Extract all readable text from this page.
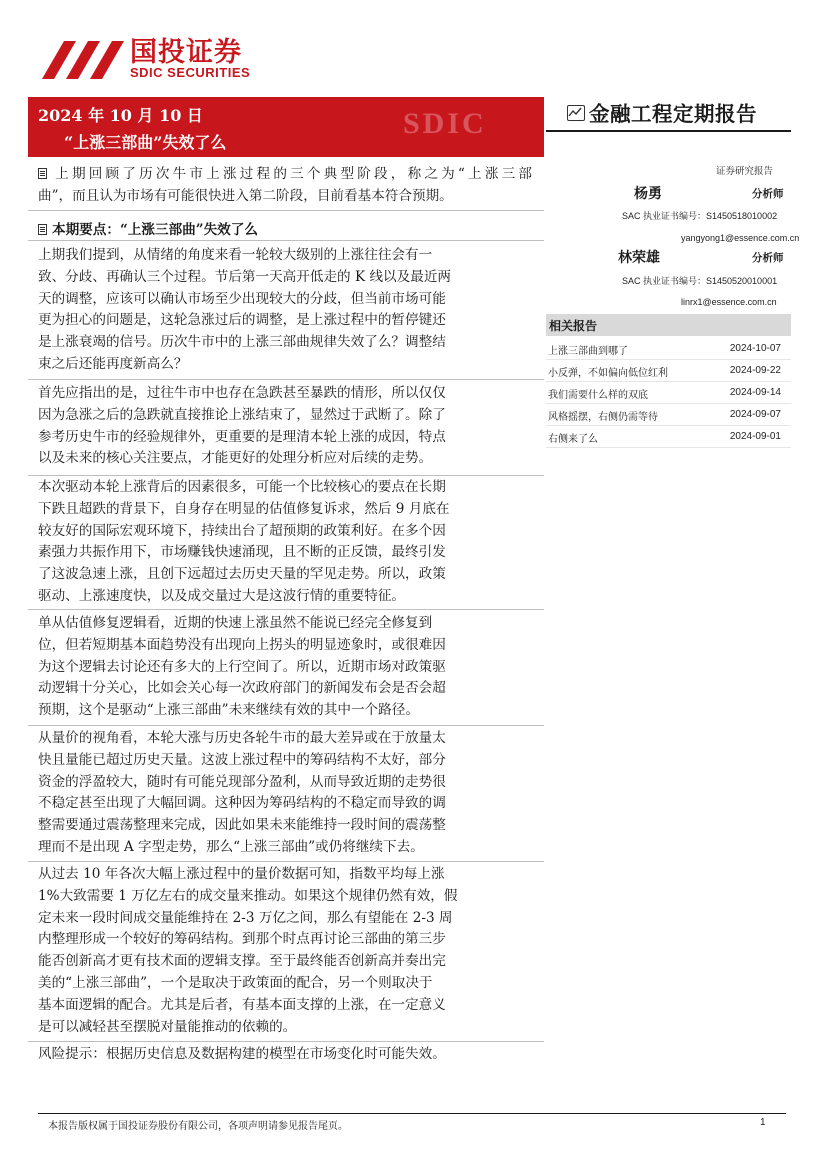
国投证券
SDIC SECURITIES
SDIC
2024 年 10 月 10 日
“上涨三部曲”失效了么
金融工程定期报告
证券研究报告
杨勇	分析师
SAC 执业证书编号：S1450518010002
yangyong1@essence.com.cn
林荣雄	分析师
SAC 执业证书编号：S1450520010001
linrx1@essence.com.cn
相关报告
上涨三部曲到哪了	2024-10-07
小反弹，不如偏向低位红利	2024-09-22
我们需要什么样的双底	2024-09-14
风格摇摆，右侧仍需等待	2024-09-07
右侧来了么	2024-09-01
上期回顾了历次牛市上涨过程的三个典型阶段，称之为“上涨三部
曲”，而且认为市场有可能很快进入第二阶段，目前看基本符合预期。
本期要点：“上涨三部曲”失效了么
上期我们提到，从情绪的角度来看一轮较大级别的上涨往往会有一
致、分歧、再确认三个过程。节后第一天高开低走的 K 线以及最近两
天的调整，应该可以确认市场至少出现较大的分歧，但当前市场可能
更为担心的问题是，这轮急涨过后的调整，是上涨过程中的暂停键还
是上涨衰竭的信号。历次牛市中的上涨三部曲规律失效了么？调整结
束之后还能再度新高么？
首先应指出的是，过往牛市中也存在急跌甚至暴跌的情形，所以仅仅
因为急涨之后的急跌就直接推论上涨结束了，显然过于武断了。除了
参考历史牛市的经验规律外，更重要的是理清本轮上涨的成因，特点
以及未来的核心关注要点，才能更好的处理分析应对后续的走势。
本次驱动本轮上涨背后的因素很多，可能一个比较核心的要点在长期
下跌且超跌的背景下，自身存在明显的估值修复诉求，然后 9 月底在
较友好的国际宏观环境下，持续出台了超预期的政策利好。在多个因
素强力共振作用下，市场赚钱快速涌现，且不断的正反馈，最终引发
了这波急速上涨，且创下远超过去历史天量的罕见走势。所以，政策
驱动、上涨速度快，以及成交量过大是这波行情的重要特征。
单从估值修复逻辑看，近期的快速上涨虽然不能说已经完全修复到
位，但若短期基本面趋势没有出现向上拐头的明显迹象时，或很难因
为这个逻辑去讨论还有多大的上行空间了。所以，近期市场对政策驱
动逻辑十分关心，比如会关心每一次政府部门的新闻发布会是否会超
预期，这个是驱动“上涨三部曲”未来继续有效的其中一个路径。
从量价的视角看，本轮大涨与历史各轮牛市的最大差异或在于放量太
快且量能已超过历史天量。这波上涨过程中的筹码结构不太好，部分
资金的浮盈较大，随时有可能兑现部分盈利，从而导致近期的走势很
不稳定甚至出现了大幅回调。这种因为筹码结构的不稳定而导致的调
整需要通过震荡整理来完成，因此如果未来能维持一段时间的震荡整
理而不是出现 A 字型走势，那么“上涨三部曲”或仍将继续下去。
从过去 10 年各次大幅上涨过程中的量价数据可知，指数平均每上涨
1%大致需要 1 万亿左右的成交量来推动。如果这个规律仍然有效，假
定未来一段时间成交量能维持在 2-3 万亿之间，那么有望能在 2-3 周
内整理形成一个较好的筹码结构。到那个时点再讨论三部曲的第三步
能否创新高才更有技术面的逻辑支撑。至于最终能否创新高并奏出完
美的“上涨三部曲”，一个是取决于政策面的配合，另一个则取决于
基本面逻辑的配合。尤其是后者，有基本面支撑的上涨，在一定意义
是可以减轻甚至摆脱对量能推动的依赖的。
风险提示：根据历史信息及数据构建的模型在市场变化时可能失效。
本报告版权属于国投证券股份有限公司，各项声明请参见报告尾页。	1
